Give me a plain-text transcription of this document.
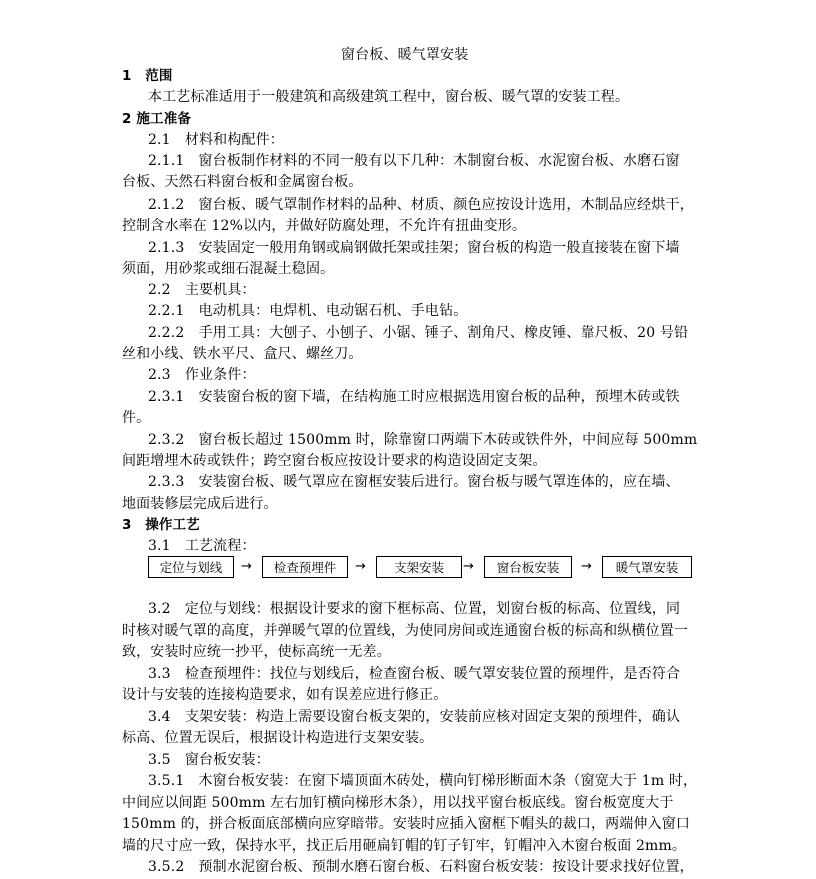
窗台板、暖气罩安装
1　范围
本工艺标准适用于一般建筑和高级建筑工程中，窗台板、暖气罩的安装工程。
2 施工准备
2.1　材料和构配件：
2.1.1　窗台板制作材料的不同一般有以下几种：木制窗台板、水泥窗台板、水磨石窗
台板、天然石料窗台板和金属窗台板。
2.1.2　窗台板、暖气罩制作材料的品种、材质、颜色应按设计选用，木制品应经烘干，
控制含水率在 12%以内，并做好防腐处理，不允许有扭曲变形。
2.1.3　安装固定一般用角钢或扁钢做托架或挂架；窗台板的构造一般直接装在窗下墙
须面，用砂浆或细石混凝土稳固。
2.2　主要机具：
2.2.1　电动机具：电焊机、电动锯石机、手电钻。
2.2.2　手用工具：大刨子、小刨子、小锯、锤子、割角尺、橡皮锤、靠尺板、20 号铅
丝和小线、铁水平尺、盒尺、螺丝刀。
2.3　作业条件：
2.3.1　安装窗台板的窗下墙，在结构施工时应根据选用窗台板的品种，预埋木砖或铁
件。
2.3.2　窗台板长超过 1500mm 时，除靠窗口两端下木砖或铁件外，中间应每 500mm
间距增埋木砖或铁件；跨空窗台板应按设计要求的构造设固定支架。
2.3.3　安装窗台板、暖气罩应在窗框安装后进行。窗台板与暖气罩连体的，应在墙、
地面装修层完成后进行。
3　操作工艺
3.1　工艺流程：
定位与划线	→	检查预埋件	→	支架安装	→	窗台板安装	→	暖气罩安装
3.2　定位与划线：根据设计要求的窗下框标高、位置，划窗台板的标高、位置线，同
时核对暖气罩的高度，并弹暖气罩的位置线，为使同房间或连通窗台板的标高和纵横位置一
致，安装时应统一抄平，使标高统一无差。
3.3　检查预埋件：找位与划线后，检查窗台板、暖气罩安装位置的预埋件，是否符合
设计与安装的连接构造要求，如有误差应进行修正。
3.4　支架安装：构造上需要设窗台板支架的，安装前应核对固定支架的预埋件，确认
标高、位置无误后，根据设计构造进行支架安装。
3.5　窗台板安装：
3.5.1　木窗台板安装：在窗下墙顶面木砖处，横向钉梯形断面木条（窗宽大于 1m 时，
中间应以间距 500mm 左右加钉横向梯形木条），用以找平窗台板底线。窗台板宽度大于
150mm 的，拼合板面底部横向应穿暗带。安装时应插入窗框下帽头的裁口，两端伸入窗口
墙的尺寸应一致，保持水平，找正后用砸扁钉帽的钉子钉牢，钉帽冲入木窗台板面 2mm。
3.5.2　预制水泥窗台板、预制水磨石窗台板、石料窗台板安装：按设计要求找好位置，
